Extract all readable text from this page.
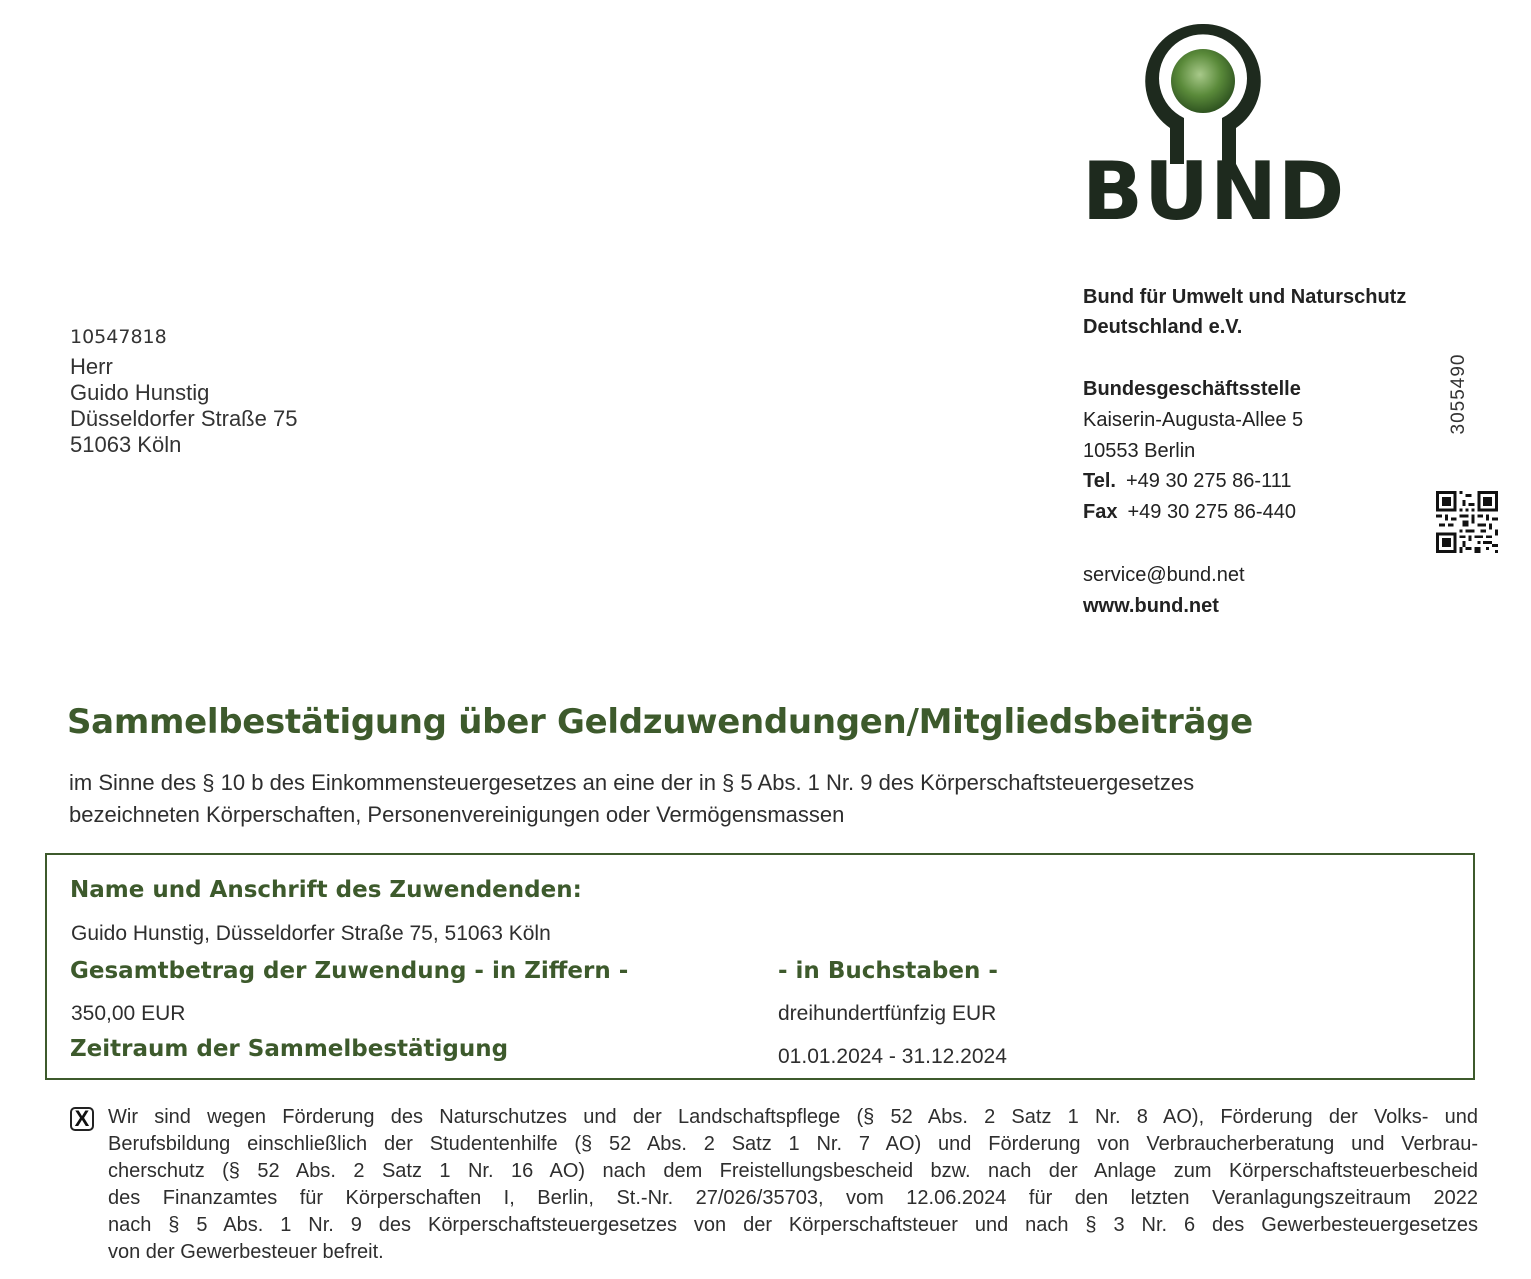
BUND
10547818
Herr
Guido Hunstig
Düsseldorfer Straße 75
51063 Köln
Bund für Umwelt und Naturschutz
Deutschland e.V.
Bundesgeschäftsstelle
Kaiserin-Augusta-Allee 5
10553 Berlin
Tel. +49 30 275 86-111
Fax +49 30 275 86-440
service@bund.net
www.bund.net
3055490
Sammelbestätigung über Geldzuwendungen/Mitgliedsbeiträge
im Sinne des § 10 b des Einkommensteuergesetzes an eine der in § 5 Abs. 1 Nr. 9 des Körperschaftsteuergesetzes
bezeichneten Körperschaften, Personenvereinigungen oder Vermögensmassen
Name und Anschrift des Zuwendenden:
Guido Hunstig, Düsseldorfer Straße 75, 51063 Köln
Gesamtbetrag der Zuwendung - in Ziffern -	- in Buchstaben -
350,00 EUR	dreihundertfünfzig EUR
Zeitraum der Sammelbestätigung	01.01.2024 - 31.12.2024
X Wir sind wegen Förderung des Naturschutzes und der Landschaftspflege (§ 52 Abs. 2 Satz 1 Nr. 8 AO), Förderung der Volks- und
Berufsbildung einschließlich der Studentenhilfe (§ 52 Abs. 2 Satz 1 Nr. 7 AO) und Förderung von Verbraucherberatung und Verbrau-
cherschutz (§ 52 Abs. 2 Satz 1 Nr. 16 AO) nach dem Freistellungsbescheid bzw. nach der Anlage zum Körperschaftsteuerbescheid
des Finanzamtes für Körperschaften I, Berlin, St.-Nr. 27/026/35703, vom 12.06.2024 für den letzten Veranlagungszeitraum 2022
nach § 5 Abs. 1 Nr. 9 des Körperschaftsteuergesetzes von der Körperschaftsteuer und nach § 3 Nr. 6 des Gewerbesteuergesetzes
von der Gewerbesteuer befreit.
